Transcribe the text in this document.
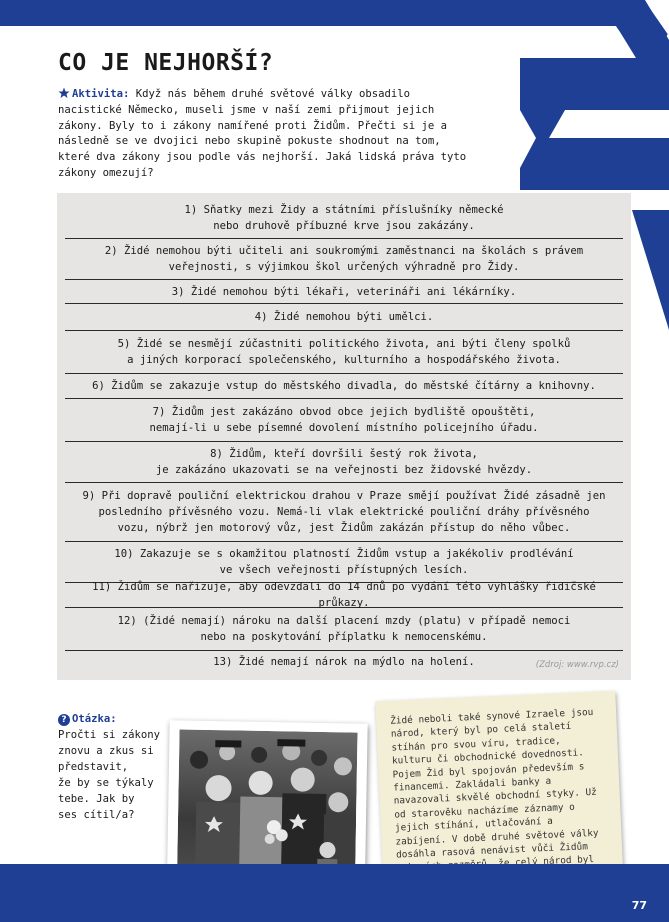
CO JE NEJHORŠÍ?
Aktivita: Když nás během druhé světové války obsadilo nacistické Německo, museli jsme v naší zemi přijmout jejich zákony. Byly to i zákony namířené proti Židům. Přečti si je a následně se ve dvojici nebo skupině pokuste shodnout na tom, které dva zákony jsou podle vás nejhorší. Jaká lidská práva tyto zákony omezují?
1) Sňatky mezi Židy a státními příslušníky německé
nebo druhově příbuzné krve jsou zakázány.
2) Židé nemohou býti učiteli ani soukromými zaměstnanci na školách s právem
veřejnosti, s výjimkou škol určených výhradně pro Židy.
3) Židé nemohou býti lékaři, veterináři ani lékárníky.
4) Židé nemohou býti umělci.
5) Židé se nesmějí zúčastniti politického života, ani býti členy spolků
a jiných korporací společenského, kulturního a hospodářského života.
6) Židům se zakazuje vstup do městského divadla, do městské čítárny a knihovny.
7) Židům jest zakázáno obvod obce jejich bydliště opouštěti,
nemají-li u sebe písemné dovolení místního policejního úřadu.
8) Židům, kteří dovršili šestý rok života,
je zakázáno ukazovati se na veřejnosti bez židovské hvězdy.
9) Při dopravě pouliční elektrickou drahou v Praze smějí používat Židé zásadně jen
posledního přívěsného vozu. Nemá-li vlak elektrické pouliční dráhy přívěsného
vozu, nýbrž jen motorový vůz, jest Židům zakázán přístup do něho vůbec.
10) Zakazuje se s okamžitou platností Židům vstup a jakékoliv prodlévání
ve všech veřejnosti přístupných lesích.
11) Židům se nařizuje, aby odevzdali do 14 dnů po vydání této vyhlášky řidičské průkazy.
12) (Židé nemají) nároku na další placení mzdy (platu) v případě nemoci
nebo na poskytování příplatku k nemocenskému.
13) Židé nemají nárok na mýdlo na holení.	(Zdroj: www.rvp.cz)
? Otázka:
Pročti si zákony
znovu a zkus si
představit,
že by se týkaly
tebe. Jak by
ses cítil/a?
Židé neboli také synové Izraele jsou národ, který byl po celá staletí stíhán pro svou víru, tradice, kulturu či obchodnické dovednosti. Pojem Žid byl spojován především s financemi. Zakládali banky a navazovali skvělé obchodní styky. Už od starověku nacházíme záznamy o jejich stíhání, utlačování a zabíjení. V době druhé světové války dosáhla rasová nenávist vůči Židům celý národ byl
77
